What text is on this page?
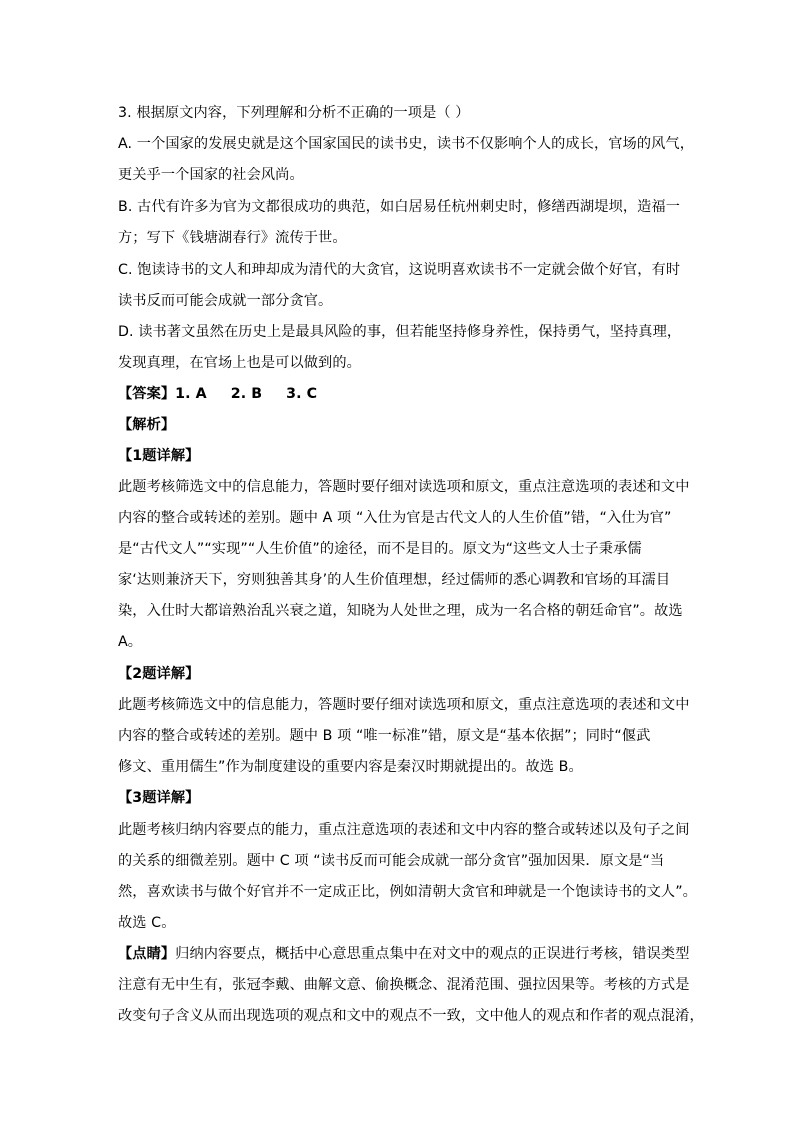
3. 根据原文内容，下列理解和分析不正确的一项是（ ）
A. 一个国家的发展史就是这个国家国民的读书史，读书不仅影响个人的成长，官场的风气，
更关乎一个国家的社会风尚。
B. 古代有许多为官为文都很成功的典范，如白居易任杭州刺史时，修缮西湖堤坝，造福一
方；写下《钱塘湖春行》流传于世。
C. 饱读诗书的文人和珅却成为清代的大贪官，这说明喜欢读书不一定就会做个好官，有时
读书反而可能会成就一部分贪官。
D. 读书著文虽然在历史上是最具风险的事，但若能坚持修身养性，保持勇气，坚持真理，
发现真理，在官场上也是可以做到的。
【答案】1. A 2. B 3. C
【解析】
【1题详解】
此题考核筛选文中的信息能力，答题时要仔细对读选项和原文，重点注意选项的表述和文中
内容的整合或转述的差别。题中 A 项 “入仕为官是古代文人的人生价值”错，“入仕为官”
是“古代文人”“实现”“人生价值”的途径，而不是目的。原文为“这些文人士子秉承儒
家‘达则兼济天下，穷则独善其身’的人生价值理想，经过儒师的悉心调教和官场的耳濡目
染，入仕时大都谙熟治乱兴衰之道，知晓为人处世之理，成为一名合格的朝廷命官”。故选
A。
【2题详解】
此题考核筛选文中的信息能力，答题时要仔细对读选项和原文，重点注意选项的表述和文中
内容的整合或转述的差别。题中 B 项 “唯一标准”错，原文是“基本依据”；同时“偃武
修文、重用儒生”作为制度建设的重要内容是秦汉时期就提出的。故选 B。
【3题详解】
此题考核归纳内容要点的能力，重点注意选项的表述和文中内容的整合或转述以及句子之间
的关系的细微差别。题中 C 项 “读书反而可能会成就一部分贪官”强加因果．原文是“当
然，喜欢读书与做个好官并不一定成正比，例如清朝大贪官和珅就是一个饱读诗书的文人”。
故选 C。
【点睛】归纳内容要点，概括中心意思重点集中在对文中的观点的正误进行考核，错误类型
注意有无中生有，张冠李戴、曲解文意、偷换概念、混淆范围、强拉因果等。考核的方式是
改变句子含义从而出现选项的观点和文中的观点不一致，文中他人的观点和作者的观点混淆，
